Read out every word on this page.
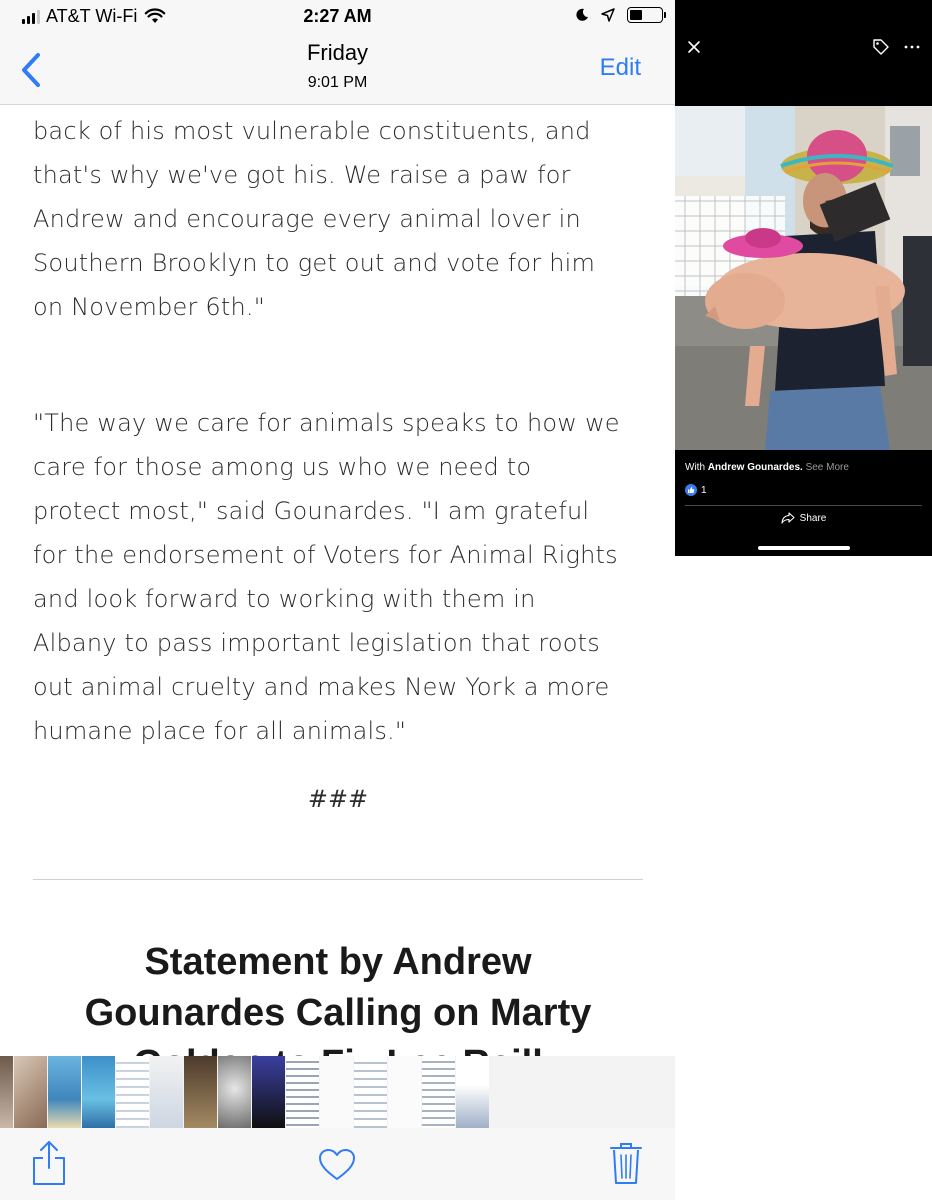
AT&T Wi-Fi	2:27 AM
Friday
9:01 PM
Edit
back of his most vulnerable constituents, and
that's why we've got his. We raise a paw for
Andrew and encourage every animal lover in
Southern Brooklyn to get out and vote for him
on November 6th."
"The way we care for animals speaks to how we
care for those among us who we need to
protect most," said Gounardes. "I am grateful
for the endorsement of Voters for Animal Rights
and look forward to working with them in
Albany to pass important legislation that roots
out animal cruelty and makes New York a more
humane place for all animals."
###
Statement by Andrew
Gounardes Calling on Marty
With Andrew Gounardes. See More
1
Share
